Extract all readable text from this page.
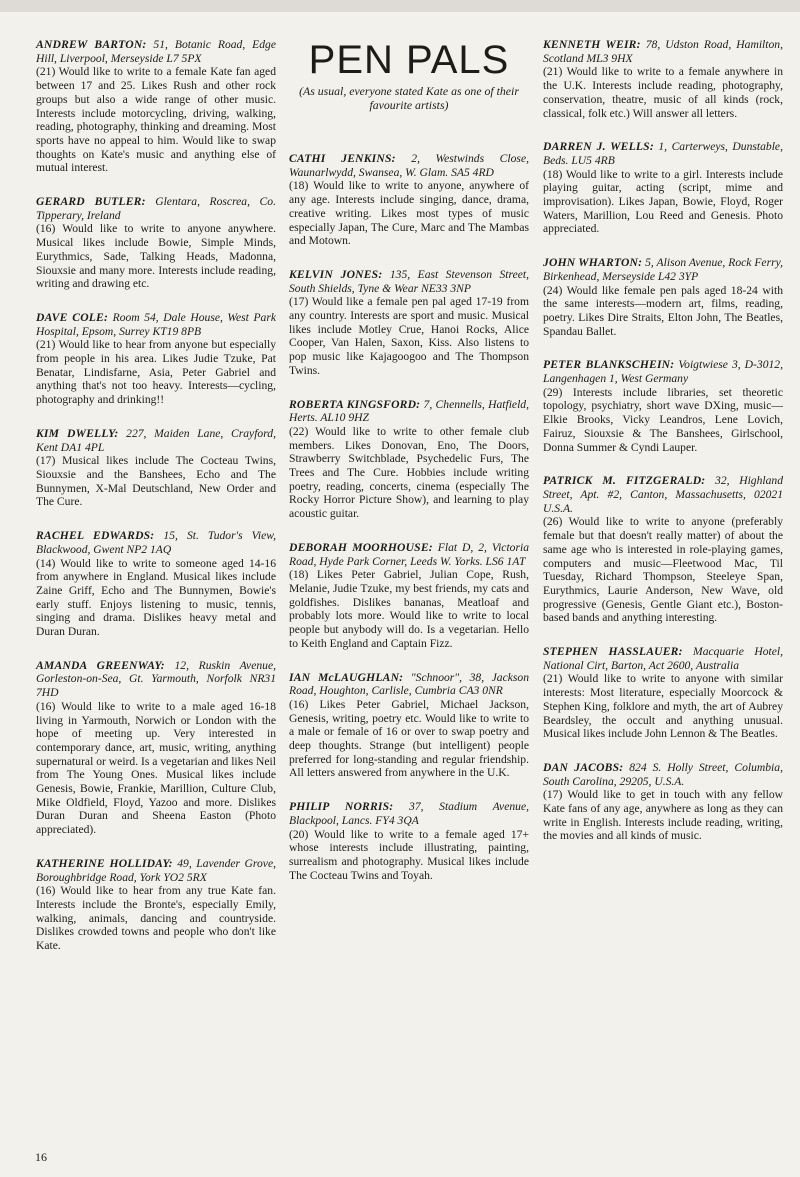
ANDREW BARTON: 51, Botanic Road, Edge Hill, Liverpool, Merseyside L7 5PX
(21) Would like to write to a female Kate fan aged between 17 and 25. Likes Rush and other rock groups but also a wide range of other music. Interests include motorcycling, driving, walking, reading, photography, thinking and dreaming. Most sports have no appeal to him. Would like to swap thoughts on Kate's music and anything else of mutual interest.

GERARD BUTLER: Glentara, Roscrea, Co. Tipperary, Ireland
(16) Would like to write to anyone anywhere. Musical likes include Bowie, Simple Minds, Eurythmics, Sade, Talking Heads, Madonna, Siouxsie and many more. Interests include reading, writing and drawing etc.

DAVE COLE: Room 54, Dale House, West Park Hospital, Epsom, Surrey KT19 8PB
(21) Would like to hear from anyone but especially from people in his area. Likes Judie Tzuke, Pat Benatar, Lindisfarne, Asia, Peter Gabriel and anything that's not too heavy. Interests—cycling, photography and drinking!!

KIM DWELLY: 227, Maiden Lane, Crayford, Kent DA1 4PL
(17) Musical likes include The Cocteau Twins, Siouxsie and the Banshees, Echo and The Bunnymen, X-Mal Deutschland, New Order and The Cure.

RACHEL EDWARDS: 15, St. Tudor's View, Blackwood, Gwent NP2 1AQ
(14) Would like to write to someone aged 14-16 from anywhere in England. Musical likes include Zaine Griff, Echo and The Bunnymen, Bowie's early stuff. Enjoys listening to music, tennis, singing and drama. Dislikes heavy metal and Duran Duran.

AMANDA GREENWAY: 12, Ruskin Avenue, Gorleston-on-Sea, Gt. Yarmouth, Norfolk NR31 7HD
(16) Would like to write to a male aged 16-18 living in Yarmouth, Norwich or London with the hope of meeting up. Very interested in contemporary dance, art, music, writing, anything supernatural or weird. Is a vegetarian and likes Neil from The Young Ones. Musical likes include Genesis, Bowie, Frankie, Marillion, Culture Club, Mike Oldfield, Floyd, Yazoo and more. Dislikes Duran Duran and Sheena Easton (Photo appreciated).

KATHERINE HOLLIDAY: 49, Lavender Grove, Boroughbridge Road, York YO2 5RX
(16) Would like to hear from any true Kate fan. Interests include the Bronte's, especially Emily, walking, animals, dancing and countryside. Dislikes crowded towns and people who don't like Kate.

PEN PALS

(As usual, everyone stated Kate as one of their favourite artists)

CATHI JENKINS: 2, Westwinds Close, Waunarlwydd, Swansea, W. Glam. SA5 4RD
(18) Would like to write to anyone, anywhere of any age. Interests include singing, dance, drama, creative writing. Likes most types of music especially Japan, The Cure, Marc and The Mambas and Motown.

KELVIN JONES: 135, East Stevenson Street, South Shields, Tyne & Wear NE33 3NP
(17) Would like a female pen pal aged 17-19 from any country. Interests are sport and music. Musical likes include Motley Crue, Hanoi Rocks, Alice Cooper, Van Halen, Saxon, Kiss. Also listens to pop music like Kajagoogoo and The Thompson Twins.

ROBERTA KINGSFORD: 7, Chennells, Hatfield, Herts. AL10 9HZ
(22) Would like to write to other female club members. Likes Donovan, Eno, The Doors, Strawberry Switchblade, Psychedelic Furs, The Trees and The Cure. Hobbies include writing poetry, reading, concerts, cinema (especially The Rocky Horror Picture Show), and learning to play acoustic guitar.

DEBORAH MOORHOUSE: Flat D, 2, Victoria Road, Hyde Park Corner, Leeds W. Yorks. LS6 1AT
(18) Likes Peter Gabriel, Julian Cope, Rush, Melanie, Judie Tzuke, my best friends, my cats and goldfishes. Dislikes bananas, Meatloaf and probably lots more. Would like to write to local people but anybody will do. Is a vegetarian. Hello to Keith England and Captain Fizz.

IAN McLAUGHLAN: "Schnoor", 38, Jackson Road, Houghton, Carlisle, Cumbria CA3 0NR
(16) Likes Peter Gabriel, Michael Jackson, Genesis, writing, poetry etc. Would like to write to a male or female of 16 or over to swap poetry and deep thoughts. Strange (but intelligent) people preferred for long-standing and regular friendship. All letters answered from anywhere in the U.K.

PHILIP NORRIS: 37, Stadium Avenue, Blackpool, Lancs. FY4 3QA
(20) Would like to write to a female aged 17+ whose interests include illustrating, painting, surrealism and photography. Musical likes include The Cocteau Twins and Toyah.

KENNETH WEIR: 78, Udston Road, Hamilton, Scotland ML3 9HX
(21) Would like to write to a female anywhere in the U.K. Interests include reading, photography, conservation, theatre, music of all kinds (rock, classical, folk etc.) Will answer all letters.

DARREN J. WELLS: 1, Carterweys, Dunstable, Beds. LU5 4RB
(18) Would like to write to a girl. Interests include playing guitar, acting (script, mime and improvisation). Likes Japan, Bowie, Floyd, Roger Waters, Marillion, Lou Reed and Genesis. Photo appreciated.

JOHN WHARTON: 5, Alison Avenue, Rock Ferry, Birkenhead, Merseyside L42 3YP
(24) Would like female pen pals aged 18-24 with the same interests—modern art, films, reading, poetry. Likes Dire Straits, Elton John, The Beatles, Spandau Ballet.

PETER BLANKSCHEIN: Voigtwiese 3, D-3012, Langenhagen 1, West Germany
(29) Interests include libraries, set theoretic topology, psychiatry, short wave DXing, music—Elkie Brooks, Vicky Leandros, Lene Lovich, Fairuz, Siouxsie & The Banshees, Girlschool, Donna Summer & Cyndi Lauper.

PATRICK M. FITZGERALD: 32, Highland Street, Apt. #2, Canton, Massachusetts, 02021 U.S.A.
(26) Would like to write to anyone (preferably female but that doesn't really matter) of about the same age who is interested in role-playing games, computers and music—Fleetwood Mac, Til Tuesday, Richard Thompson, Steeleye Span, Eurythmics, Laurie Anderson, New Wave, old progressive (Genesis, Gentle Giant etc.), Boston-based bands and anything interesting.

STEPHEN HASSLAUER: Macquarie Hotel, National Cirt, Barton, Act 2600, Australia
(21) Would like to write to anyone with similar interests: Most literature, especially Moorcock & Stephen King, folklore and myth, the art of Aubrey Beardsley, the occult and anything unusual. Musical likes include John Lennon & The Beatles.

DAN JACOBS: 824 S. Holly Street, Columbia, South Carolina, 29205, U.S.A.
(17) Would like to get in touch with any fellow Kate fans of any age, anywhere as long as they can write in English. Interests include reading, writing, the movies and all kinds of music.

16
